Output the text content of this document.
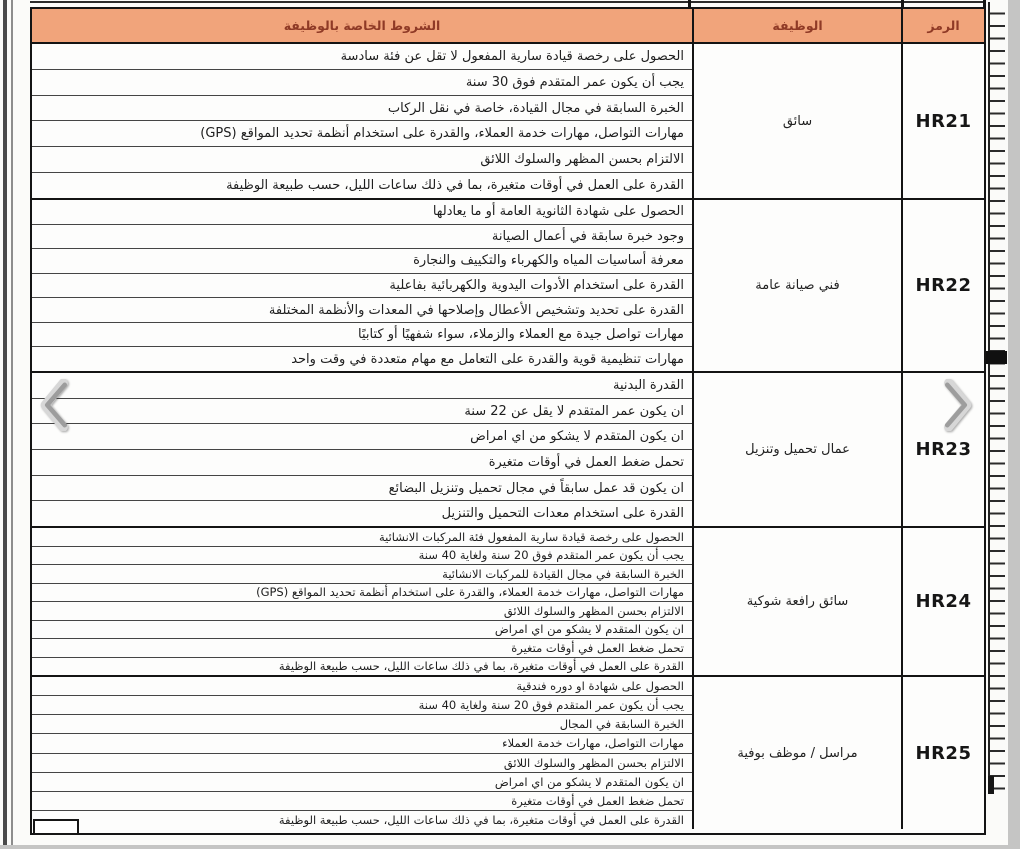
الشروط الخاصة بالوظيفة	الوظيفة	الرمز
الحصول على رخصة قيادة سارية المفعول لا تقل عن فئة سادسة
يجب أن يكون عمر المتقدم فوق 30 سنة
الخبرة السابقة في مجال القيادة، خاصة في نقل الركاب
مهارات التواصل، مهارات خدمة العملاء، والقدرة على استخدام أنظمة تحديد المواقع (GPS)
الالتزام بحسن المظهر والسلوك اللائق
القدرة على العمل في أوقات متغيرة، بما في ذلك ساعات الليل، حسب طبيعة الوظيفة
سائق	HR21
الحصول على شهادة الثانوية العامة أو ما يعادلها
وجود خبرة سابقة في أعمال الصيانة
معرفة أساسيات المياه والكهرباء والتكييف والنجارة
القدرة على استخدام الأدوات اليدوية والكهربائية بفاعلية
القدرة على تحديد وتشخيص الأعطال وإصلاحها في المعدات والأنظمة المختلفة
مهارات تواصل جيدة مع العملاء والزملاء، سواء شفهيًا أو كتابيًا
مهارات تنظيمية قوية والقدرة على التعامل مع مهام متعددة في وقت واحد
فني صيانة عامة	HR22
القدرة البدنية
ان يكون عمر المتقدم لا يقل عن 22 سنة
ان يكون المتقدم لا يشكو من اي امراض
تحمل ضغط العمل في أوقات متغيرة
ان يكون قد عمل سابقاً في مجال تحميل وتنزيل البضائع
القدرة على استخدام معدات التحميل والتنزيل
عمال تحميل وتنزيل	HR23
الحصول على رخصة قيادة سارية المفعول فئة المركبات الانشائية
يجب أن يكون عمر المتقدم فوق 20 سنة ولغاية 40 سنة
الخبرة السابقة في مجال القيادة للمركبات الانشائية
مهارات التواصل، مهارات خدمة العملاء، والقدرة على استخدام أنظمة تحديد المواقع (GPS)
الالتزام بحسن المظهر والسلوك اللائق
ان يكون المتقدم لا يشكو من اي امراض
تحمل ضغط العمل في أوقات متغيرة
القدرة على العمل في أوقات متغيرة، بما في ذلك ساعات الليل، حسب طبيعة الوظيفة
سائق رافعة شوكية	HR24
الحصول على شهادة او دوره فندقية
يجب أن يكون عمر المتقدم فوق 20 سنة ولغاية 40 سنة
الخبرة السابقة في المجال
مهارات التواصل، مهارات خدمة العملاء
الالتزام بحسن المظهر والسلوك اللائق
ان يكون المتقدم لا يشكو من اي امراض
تحمل ضغط العمل في أوقات متغيرة
القدرة على العمل في أوقات متغيرة، بما في ذلك ساعات الليل، حسب طبيعة الوظيفة
مراسل / موظف بوفية	HR25
